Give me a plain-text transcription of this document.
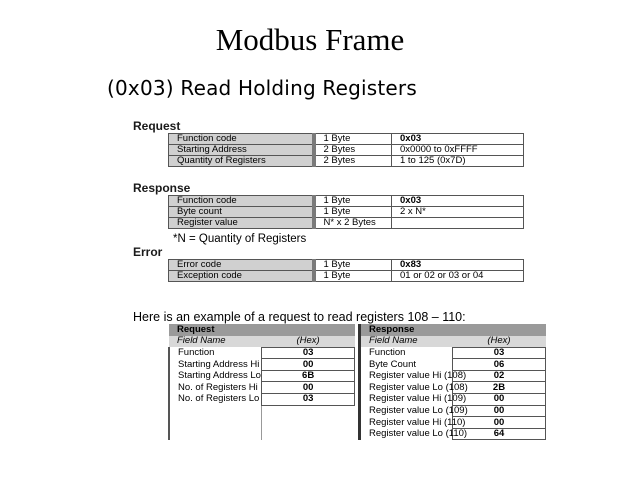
Modbus Frame
(0x03) Read Holding Registers
Request
Function code	1 Byte	0x03
Starting Address	2 Bytes	0x0000 to 0xFFFF
Quantity of Registers	2 Bytes	1 to 125 (0x7D)
Response
Function code	1 Byte	0x03
Byte count	1 Byte	2 x N*
Register value	N* x 2 Bytes	
*N = Quantity of Registers
Error
Error code	1 Byte	0x83
Exception code	1 Byte	01 or 02 or 03 or 04
Here is an example of a request to read registers 108 – 110:
Request	
Field Name	(Hex)
Function	03
Starting Address Hi	00
Starting Address Lo	6B
No. of Registers Hi	00
No. of Registers Lo	03

Response	
Field Name	(Hex)
Function	03
Byte Count	06
Register value Hi (108)	02
Register value Lo (108)	2B
Register value Hi (109)	00
Register value Lo (109)	00
Register value Hi (110)	00
Register value Lo (110)	64
